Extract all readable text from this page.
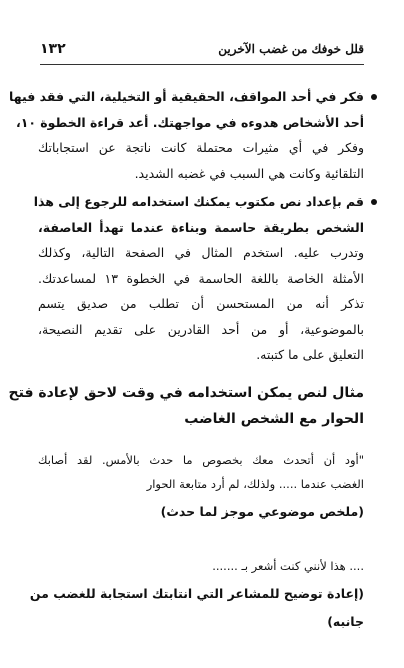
قلل خوفك من غضب الآخرين
١٣٢
فكر في أحد المواقف، الحقيقية أو التخيلية، التي فقد فيها
أحد الأشخاص هدوءه في مواجهتك. أعد قراءة الخطوة ١٠،
وفكر في أي مثيرات محتملة كانت ناتجة عن استجاباتك
التلقائية وكانت هي السبب في غضبه الشديد.
قم بإعداد نص مكتوب يمكنك استخدامه للرجوع إلى هذا
الشخص بطريقة حاسمة وبناءة عندما تهدأ العاصفة،
وتدرب عليه. استخدم المثال في الصفحة التالية، وكذلك
الأمثلة الخاصة باللغة الحاسمة في الخطوة ١٣ لمساعدتك.
تذكر أنه من المستحسن أن تطلب من صديق يتسم
بالموضوعية، أو من أحد القادرين على تقديم النصيحة،
التعليق على ما كتبته.
مثال لنص يمكن استخدامه في وقت لاحق لإعادة فتح
الحوار مع الشخص الغاضب
"أود أن أتحدث معك بخصوص ما حدث بالأمس. لقد أصابك
الغضب عندما ..... ولذلك، لم أرد متابعة الحوار
(ملخص موضوعي موجز لما حدث)
.... هذا لأنني كنت أشعر بـ .......
(إعادة توضيح للمشاعر التي انتابتك استجابة للغضب من
جانبه)
